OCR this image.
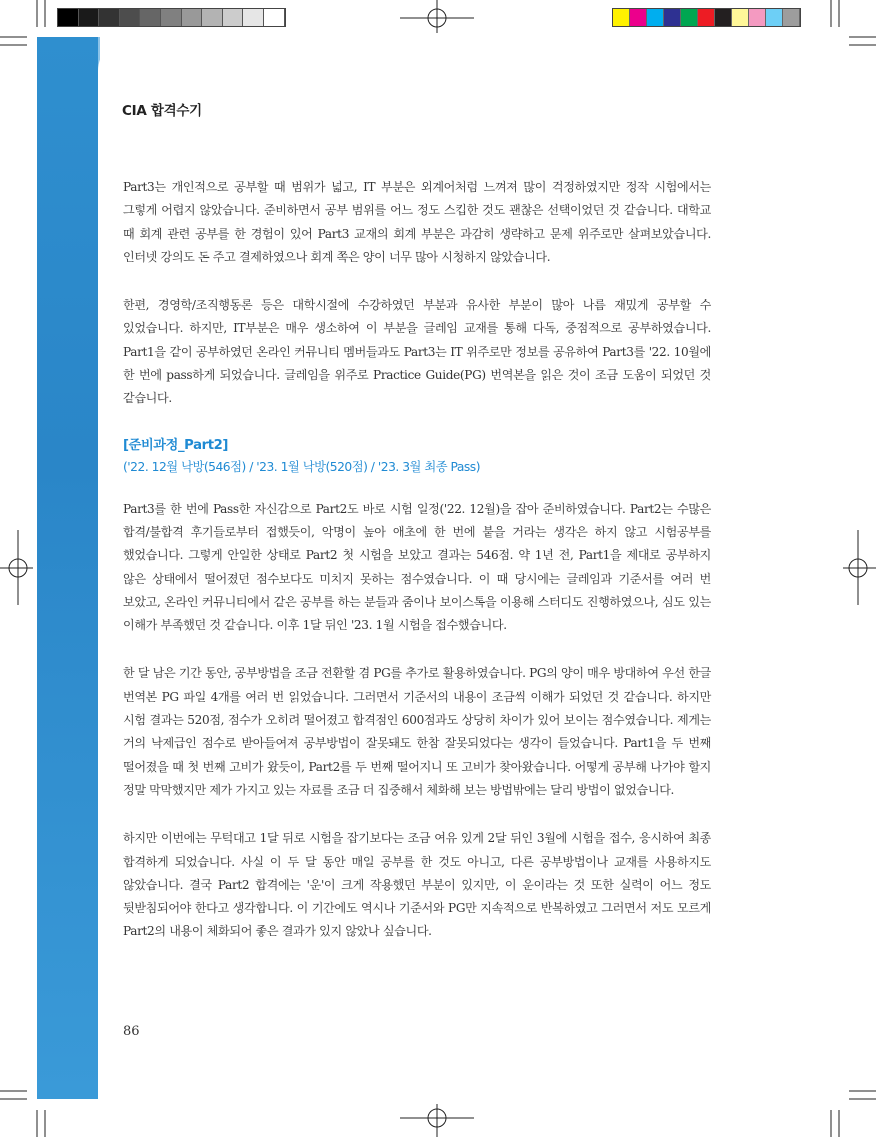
CIA 합격수기

Part3는 개인적으로 공부할 때 범위가 넓고, IT 부분은 외계어처럼 느껴져 많이 걱정하였지만 정작 시험에서는 그렇게 어렵지 않았습니다. 준비하면서 공부 범위를 어느 정도 스킵한 것도 괜찮은 선택이었던 것 같습니다. 대학교 때 회계 관련 공부를 한 경험이 있어 Part3 교재의 회계 부분은 과감히 생략하고 문제 위주로만 살펴보았습니다. 인터넷 강의도 돈 주고 결제하였으나 회계 쪽은 양이 너무 많아 시청하지 않았습니다.

한편, 경영학/조직행동론 등은 대학시절에 수강하였던 부분과 유사한 부분이 많아 나름 재밌게 공부할 수 있었습니다. 하지만, IT부분은 매우 생소하여 이 부분을 글레임 교재를 통해 다독, 중점적으로 공부하였습니다. Part1을 같이 공부하였던 온라인 커뮤니티 멤버들과도 Part3는 IT 위주로만 정보를 공유하여 Part3를 '22. 10월에 한 번에 pass하게 되었습니다. 글레임을 위주로 Practice Guide(PG) 번역본을 읽은 것이 조금 도움이 되었던 것 같습니다.

[준비과정_Part2]
('22. 12월 낙방(546점) / '23. 1월 낙방(520점) / '23. 3월 최종 Pass)

Part3를 한 번에 Pass한 자신감으로 Part2도 바로 시험 일정('22. 12월)을 잡아 준비하였습니다. Part2는 수많은 합격/불합격 후기들로부터 접했듯이, 악명이 높아 애초에 한 번에 붙을 거라는 생각은 하지 않고 시험공부를 했었습니다. 그렇게 안일한 상태로 Part2 첫 시험을 보았고 결과는 546점. 약 1년 전, Part1을 제대로 공부하지 않은 상태에서 떨어졌던 점수보다도 미치지 못하는 점수였습니다. 이 때 당시에는 글레임과 기준서를 여러 번 보았고, 온라인 커뮤니티에서 같은 공부를 하는 분들과 줌이나 보이스톡을 이용해 스터디도 진행하였으나, 심도 있는 이해가 부족했던 것 같습니다. 이후 1달 뒤인 '23. 1월 시험을 접수했습니다.

한 달 남은 기간 동안, 공부방법을 조금 전환할 겸 PG를 추가로 활용하였습니다. PG의 양이 매우 방대하여 우선 한글 번역본 PG 파일 4개를 여러 번 읽었습니다. 그러면서 기준서의 내용이 조금씩 이해가 되었던 것 같습니다. 하지만 시험 결과는 520점, 점수가 오히려 떨어졌고 합격점인 600점과도 상당히 차이가 있어 보이는 점수였습니다. 제게는 거의 낙제급인 점수로 받아들여져 공부방법이 잘못돼도 한참 잘못되었다는 생각이 들었습니다. Part1을 두 번째 떨어졌을 때 첫 번째 고비가 왔듯이, Part2를 두 번째 떨어지니 또 고비가 찾아왔습니다. 어떻게 공부해 나가야 할지 정말 막막했지만 제가 가지고 있는 자료를 조금 더 집중해서 체화해 보는 방법밖에는 달리 방법이 없었습니다.

하지만 이번에는 무턱대고 1달 뒤로 시험을 잡기보다는 조금 여유 있게 2달 뒤인 3월에 시험을 접수, 응시하여 최종 합격하게 되었습니다. 사실 이 두 달 동안 매일 공부를 한 것도 아니고, 다른 공부방법이나 교재를 사용하지도 않았습니다. 결국 Part2 합격에는 '운'이 크게 작용했던 부분이 있지만, 이 운이라는 것 또한 실력이 어느 정도 뒷받침되어야 한다고 생각합니다. 이 기간에도 역시나 기준서와 PG만 지속적으로 반복하였고 그러면서 저도 모르게 Part2의 내용이 체화되어 좋은 결과가 있지 않았나 싶습니다.

86
